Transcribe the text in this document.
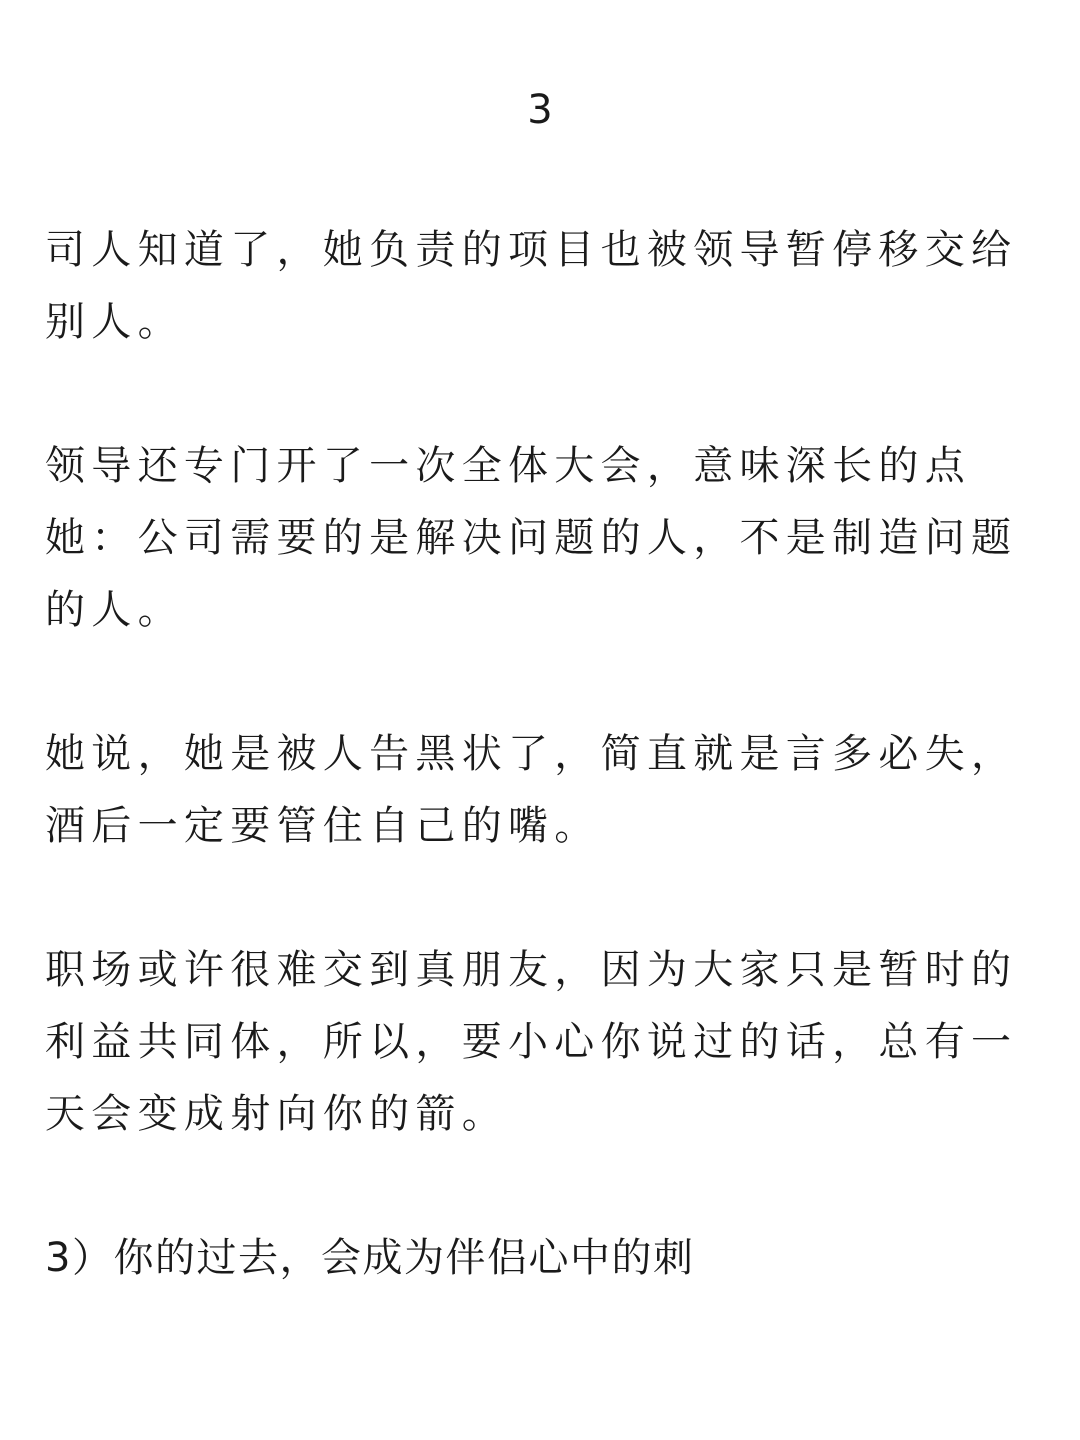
3
司人知道了，她负责的项目也被领导暂停移交给
别人。
领导还专门开了一次全体大会，意味深长的点
她：公司需要的是解决问题的人，不是制造问题
的人。
她说，她是被人告黑状了，简直就是言多必失，
酒后一定要管住自己的嘴。
职场或许很难交到真朋友，因为大家只是暂时的
利益共同体，所以，要小心你说过的话，总有一
天会变成射向你的箭。
3）你的过去，会成为伴侣心中的刺
